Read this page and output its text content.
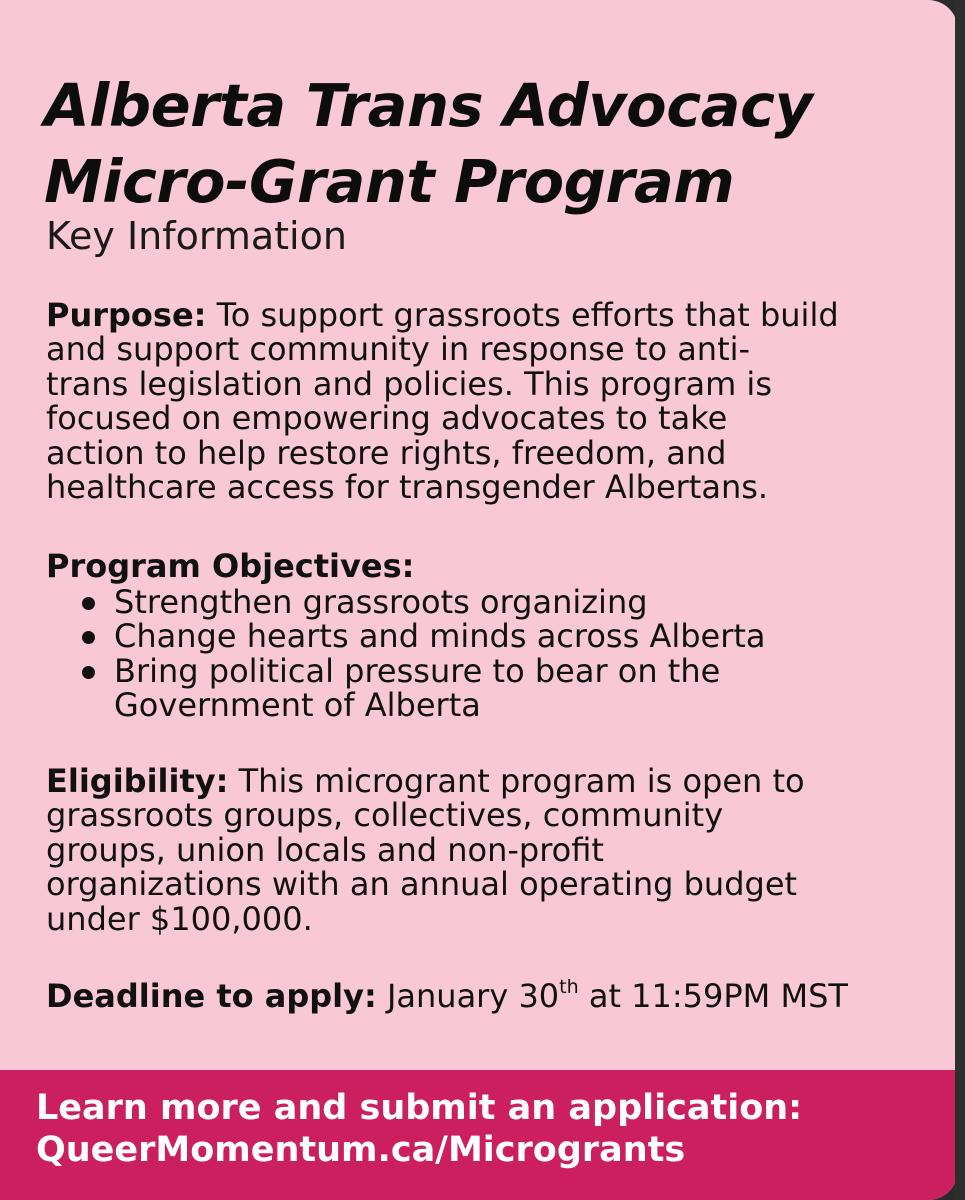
Alberta Trans Advocacy
Micro-Grant Program
Key Information

Purpose: To support grassroots efforts that build
and support community in response to anti-
trans legislation and policies. This program is
focused on empowering advocates to take
action to help restore rights, freedom, and
healthcare access for transgender Albertans.

Program Objectives:
Strengthen grassroots organizing
Change hearts and minds across Alberta
Bring political pressure to bear on the
Government of Alberta

Eligibility: This microgrant program is open to
grassroots groups, collectives, community
groups, union locals and non-profit
organizations with an annual operating budget
under $100,000.

Deadline to apply: January 30th at 11:59PM MST
Learn more and submit an application:
QueerMomentum.ca/Microgrants
